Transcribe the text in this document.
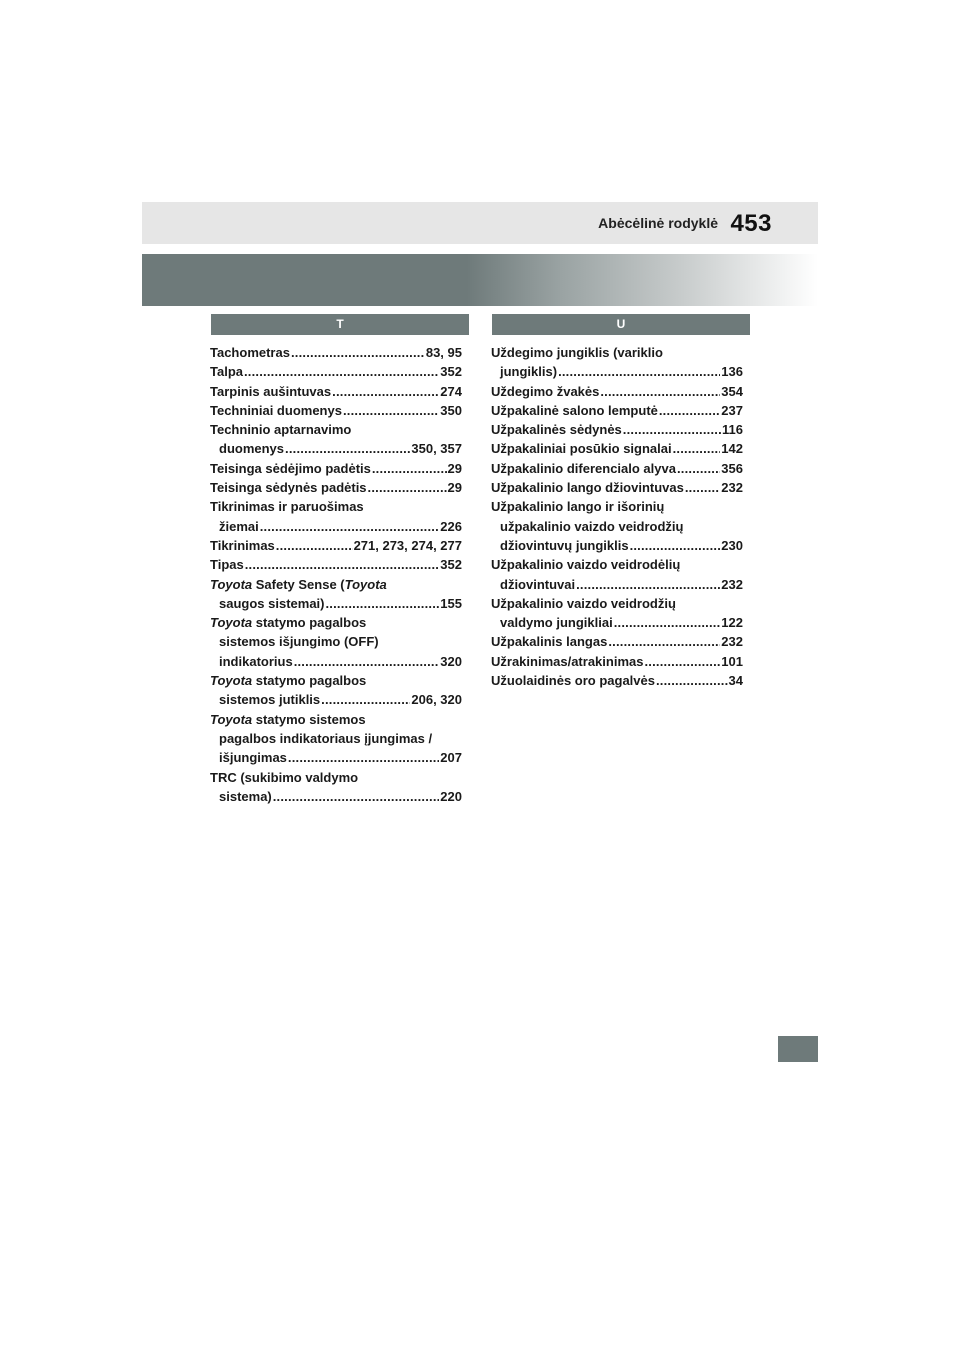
Abėcėlinė rodyklė 453
T	U
Tachometras .....	83, 95
Talpa .....	352
Tarpinis aušintuvas .....	274
Techniniai duomenys .....	350
Techninio aptarnavimo
duomenys .....	350, 357
Teisinga sėdėjimo padėtis .....	29
Teisinga sėdynės padėtis .....	29
Tikrinimas ir paruošimas
žiemai .....	226
Tikrinimas .....	271, 273, 274, 277
Tipas .....	352
Toyota Safety Sense (Toyota
saugos sistemai) .....	155
Toyota statymo pagalbos
sistemos išjungimo (OFF)
indikatorius .....	320
Toyota statymo pagalbos
sistemos jutiklis .....	206, 320
Toyota statymo sistemos
pagalbos indikatoriaus įjungimas /
išjungimas .....	207
TRC (sukibimo valdymo
sistema) .....	220
Uždegimo jungiklis (variklio
jungiklis) .....	136
Uždegimo žvakės .....	354
Užpakalinė salono lemputė .....	237
Užpakalinės sėdynės .....	116
Užpakaliniai posūkio signalai .....	142
Užpakalinio diferencialo alyva .....	356
Užpakalinio lango džiovintuvas .....	232
Užpakalinio lango ir išorinių
užpakalinio vaizdo veidrodžių
džiovintuvų jungiklis .....	230
Užpakalinio vaizdo veidrodėlių
džiovintuvai .....	232
Užpakalinio vaizdo veidrodžių
valdymo jungikliai .....	122
Užpakalinis langas .....	232
Užrakinimas/atrakinimas .....	101
Užuolaidinės oro pagalvės .....	34
